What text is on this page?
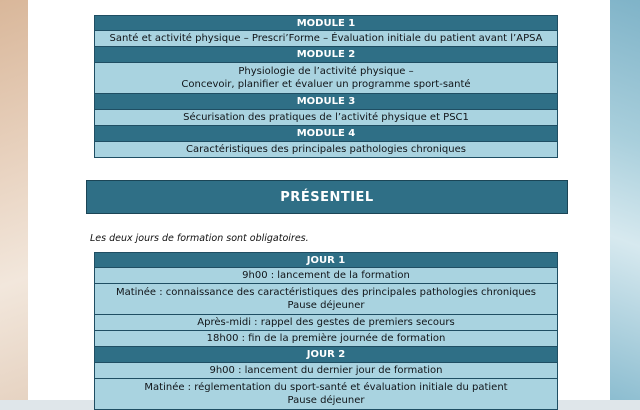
MODULE 1
Santé et activité physique – Prescri’Forme – Évaluation initiale du patient avant l’APSA
MODULE 2
Physiologie de l’activité physique –
Concevoir, planifier et évaluer un programme sport-santé
MODULE 3
Sécurisation des pratiques de l’activité physique et PSC1
MODULE 4
Caractéristiques des principales pathologies chroniques
PRÉSENTIEL
Les deux jours de formation sont obligatoires.
JOUR 1
9h00 : lancement de la formation
Matinée : connaissance des caractéristiques des principales pathologies chroniques
Pause déjeuner
Après-midi : rappel des gestes de premiers secours
18h00 : fin de la première journée de formation
JOUR 2
9h00 : lancement du dernier jour de formation
Matinée : réglementation du sport-santé et évaluation initiale du patient
Pause déjeuner
